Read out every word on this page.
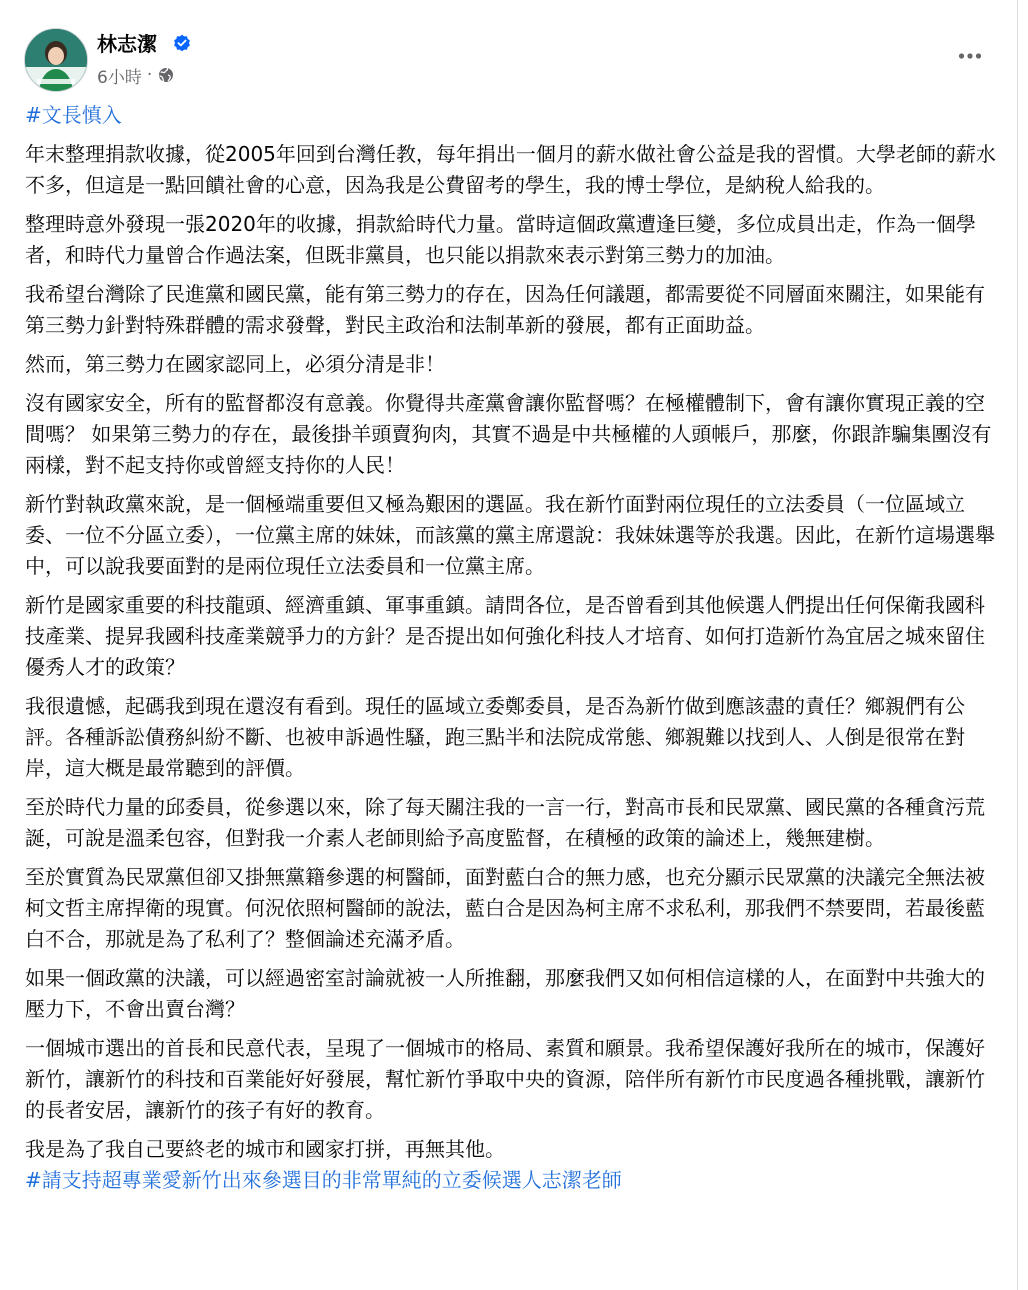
林志潔
6小時 ·
#文長慎入

年末整理捐款收據，從2005年回到台灣任教，每年捐出一個月的薪水做社會公益是我的習慣。大學老師的薪水不多，但這是一點回饋社會的心意，因為我是公費留考的學生，我的博士學位，是納稅人給我的。

整理時意外發現一張2020年的收據，捐款給時代力量。當時這個政黨遭逢巨變，多位成員出走，作為一個學者，和時代力量曾合作過法案，但既非黨員，也只能以捐款來表示對第三勢力的加油。

我希望台灣除了民進黨和國民黨，能有第三勢力的存在，因為任何議題，都需要從不同層面來關注，如果能有第三勢力針對特殊群體的需求發聲，對民主政治和法制革新的發展，都有正面助益。

然而，第三勢力在國家認同上，必須分清是非！

沒有國家安全，所有的監督都沒有意義。你覺得共產黨會讓你監督嗎？在極權體制下，會有讓你實現正義的空間嗎？ 如果第三勢力的存在，最後掛羊頭賣狗肉，其實不過是中共極權的人頭帳戶，那麼，你跟詐騙集團沒有兩樣，對不起支持你或曾經支持你的人民！

新竹對執政黨來說，是一個極端重要但又極為艱困的選區。我在新竹面對兩位現任的立法委員（一位區域立委、一位不分區立委），一位黨主席的妹妹，而該黨的黨主席還說：我妹妹選等於我選。因此，在新竹這場選舉中，可以說我要面對的是兩位現任立法委員和一位黨主席。

新竹是國家重要的科技龍頭、經濟重鎮、軍事重鎮。請問各位，是否曾看到其他候選人們提出任何保衛我國科技產業、提昇我國科技產業競爭力的方針？是否提出如何強化科技人才培育、如何打造新竹為宜居之城來留住優秀人才的政策？

我很遺憾，起碼我到現在還沒有看到。現任的區域立委鄭委員，是否為新竹做到應該盡的責任？鄉親們有公評。各種訴訟債務糾紛不斷、也被申訴過性騷，跑三點半和法院成常態、鄉親難以找到人、人倒是很常在對岸，這大概是最常聽到的評價。

至於時代力量的邱委員，從參選以來，除了每天關注我的一言一行，對高市長和民眾黨、國民黨的各種貪污荒誕，可說是溫柔包容，但對我一介素人老師則給予高度監督，在積極的政策的論述上，幾無建樹。

至於實質為民眾黨但卻又掛無黨籍參選的柯醫師，面對藍白合的無力感，也充分顯示民眾黨的決議完全無法被柯文哲主席捍衛的現實。何況依照柯醫師的說法，藍白合是因為柯主席不求私利，那我們不禁要問，若最後藍白不合，那就是為了私利了？整個論述充滿矛盾。

如果一個政黨的決議，可以經過密室討論就被一人所推翻，那麼我們又如何相信這樣的人，在面對中共強大的壓力下，不會出賣台灣？

一個城市選出的首長和民意代表，呈現了一個城市的格局、素質和願景。我希望保護好我所在的城市，保護好新竹，讓新竹的科技和百業能好好發展，幫忙新竹爭取中央的資源，陪伴所有新竹市民度過各種挑戰，讓新竹的長者安居，讓新竹的孩子有好的教育。

我是為了我自己要終老的城市和國家打拼，再無其他。

#請支持超專業愛新竹出來參選目的非常單純的立委候選人志潔老師
